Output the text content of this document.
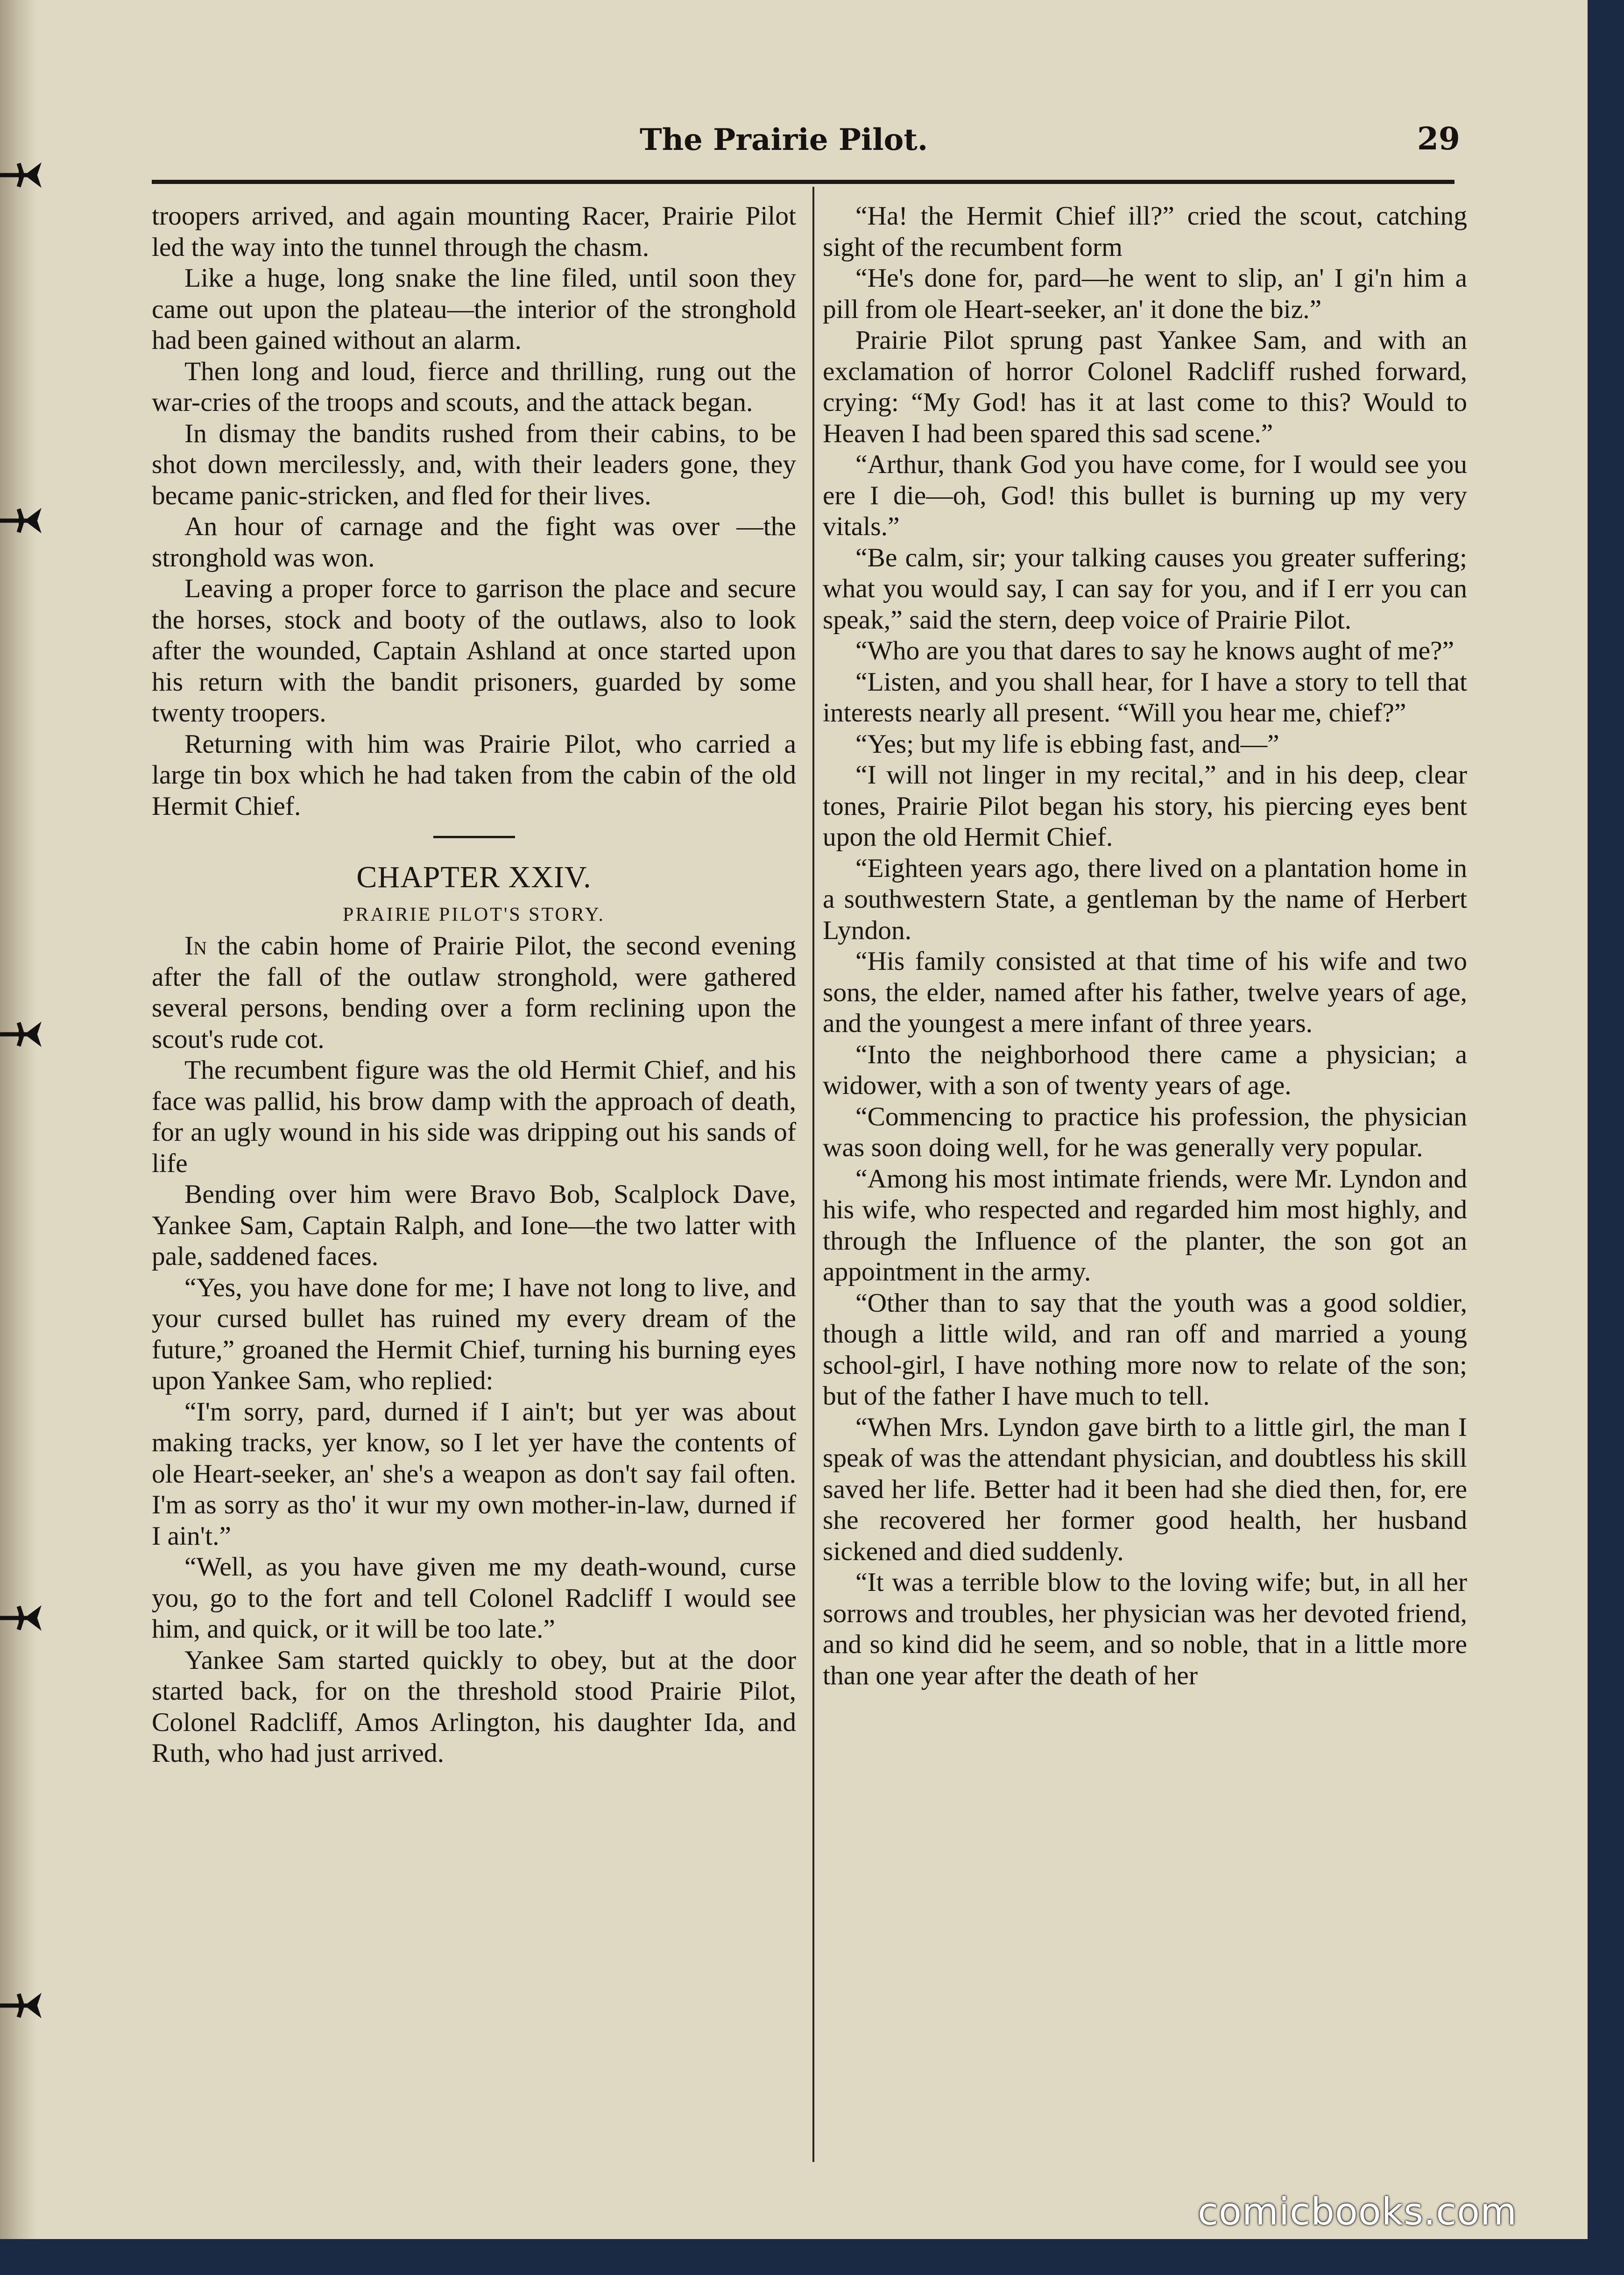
The Prairie Pilot.	29

troopers arrived, and again mounting Racer, Prairie Pilot led the way into the tunnel through the chasm.

Like a huge, long snake the line filed, until soon they came out upon the plateau—the interior of the stronghold had been gained without an alarm.

Then long and loud, fierce and thrilling, rung out the war-cries of the troops and scouts, and the attack began.

In dismay the bandits rushed from their cabins, to be shot down mercilessly, and, with their leaders gone, they became panic-stricken, and fled for their lives.

An hour of carnage and the fight was over —the stronghold was won.

Leaving a proper force to garrison the place and secure the horses, stock and booty of the outlaws, also to look after the wounded, Captain Ashland at once started upon his return with the bandit prisoners, guarded by some twenty troopers.

Returning with him was Prairie Pilot, who carried a large tin box which he had taken from the cabin of the old Hermit Chief.

CHAPTER XXIV.
PRAIRIE PILOT'S STORY.

In the cabin home of Prairie Pilot, the second evening after the fall of the outlaw stronghold, were gathered several persons, bending over a form reclining upon the scout's rude cot.

The recumbent figure was the old Hermit Chief, and his face was pallid, his brow damp with the approach of death, for an ugly wound in his side was dripping out his sands of life

Bending over him were Bravo Bob, Scalplock Dave, Yankee Sam, Captain Ralph, and Ione—the two latter with pale, saddened faces.

“Yes, you have done for me; I have not long to live, and your cursed bullet has ruined my every dream of the future,” groaned the Hermit Chief, turning his burning eyes upon Yankee Sam, who replied:

“I'm sorry, pard, durned if I ain't; but yer was about making tracks, yer know, so I let yer have the contents of ole Heart-seeker, an' she's a weapon as don't say fail often. I'm as sorry as tho' it wur my own mother-in-law, durned if I ain't.”

“Well, as you have given me my death-wound, curse you, go to the fort and tell Colonel Radcliff I would see him, and quick, or it will be too late.”

Yankee Sam started quickly to obey, but at the door started back, for on the threshold stood Prairie Pilot, Colonel Radcliff, Amos Arlington, his daughter Ida, and Ruth, who had just arrived.

“Ha! the Hermit Chief ill?” cried the scout, catching sight of the recumbent form

“He's done for, pard—he went to slip, an' I gi'n him a pill from ole Heart-seeker, an' it done the biz.”

Prairie Pilot sprung past Yankee Sam, and with an exclamation of horror Colonel Radcliff rushed forward, crying: “My God! has it at last come to this? Would to Heaven I had been spared this sad scene.”

“Arthur, thank God you have come, for I would see you ere I die—oh, God! this bullet is burning up my very vitals.”

“Be calm, sir; your talking causes you greater suffering; what you would say, I can say for you, and if I err you can speak,” said the stern, deep voice of Prairie Pilot.

“Who are you that dares to say he knows aught of me?”

“Listen, and you shall hear, for I have a story to tell that interests nearly all present. “Will you hear me, chief?”

“Yes; but my life is ebbing fast, and—”

“I will not linger in my recital,” and in his deep, clear tones, Prairie Pilot began his story, his piercing eyes bent upon the old Hermit Chief.

“Eighteen years ago, there lived on a plantation home in a southwestern State, a gentleman by the name of Herbert Lyndon.

“His family consisted at that time of his wife and two sons, the elder, named after his father, twelve years of age, and the youngest a mere infant of three years.

“Into the neighborhood there came a physician; a widower, with a son of twenty years of age.

“Commencing to practice his profession, the physician was soon doing well, for he was generally very popular.

“Among his most intimate friends, were Mr. Lyndon and his wife, who respected and regarded him most highly, and through the Influence of the planter, the son got an appointment in the army.

“Other than to say that the youth was a good soldier, though a little wild, and ran off and married a young school-girl, I have nothing more now to relate of the son; but of the father I have much to tell.

“When Mrs. Lyndon gave birth to a little girl, the man I speak of was the attendant physician, and doubtless his skill saved her life. Better had it been had she died then, for, ere she recovered her former good health, her husband sickened and died suddenly.

“It was a terrible blow to the loving wife; but, in all her sorrows and troubles, her physician was her devoted friend, and so kind did he seem, and so noble, that in a little more than one year after the death of her

comicbooks.com
